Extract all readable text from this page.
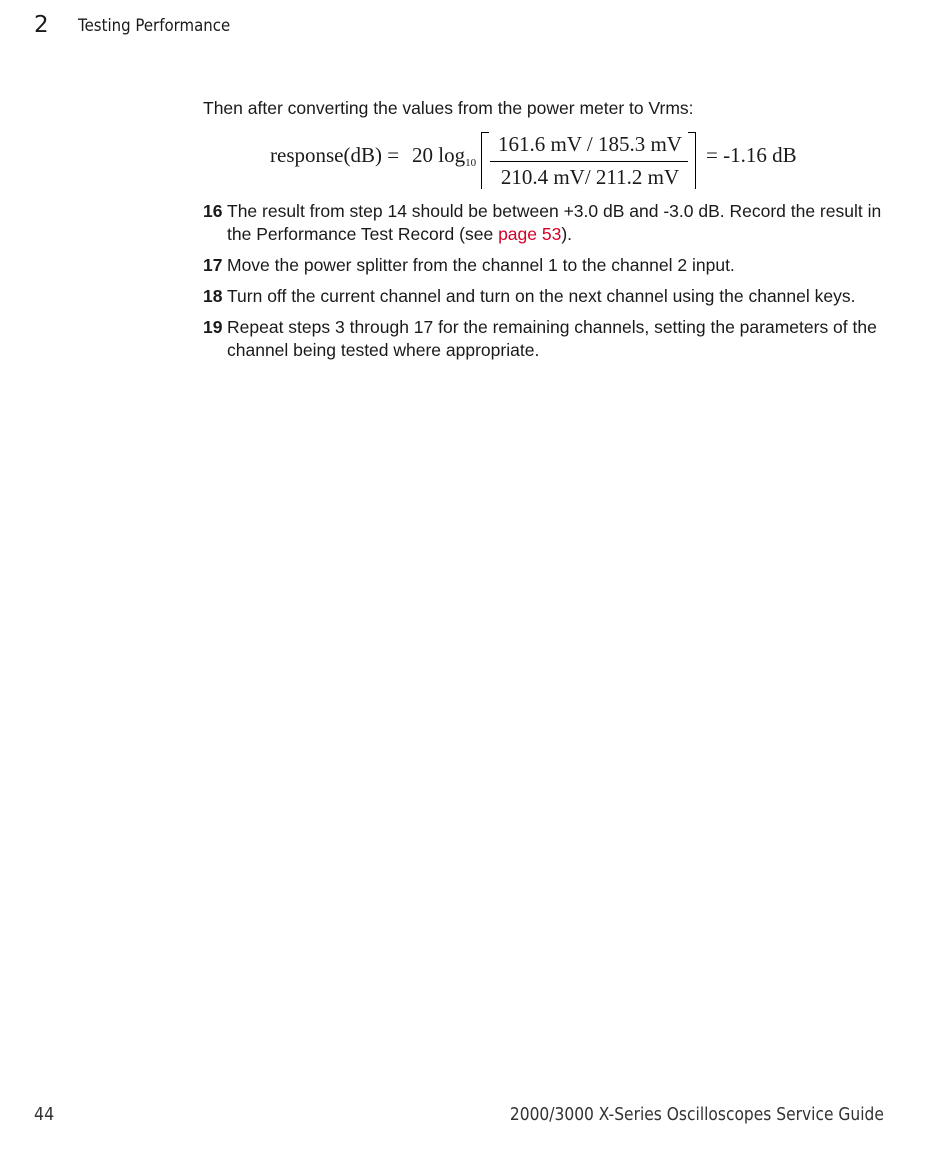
2 Testing Performance
Then after converting the values from the power meter to Vrms:
response(dB) = 20 $\log_{10}$
161.6 mV / 185.3 mV
210.4 mV/ 211.2 mV
= -1.16 dB
16 The result from step 14 should be between +3.0 dB and -3.0 dB. Record the result in the Performance Test Record (see page 53).
17 Move the power splitter from the channel 1 to the channel 2 input.
18 Turn off the current channel and turn on the next channel using the channel keys.
19 Repeat steps 3 through 17 for the remaining channels, setting the parameters of the channel being tested where appropriate.
44	2000/3000 X-Series Oscilloscopes Service Guide
